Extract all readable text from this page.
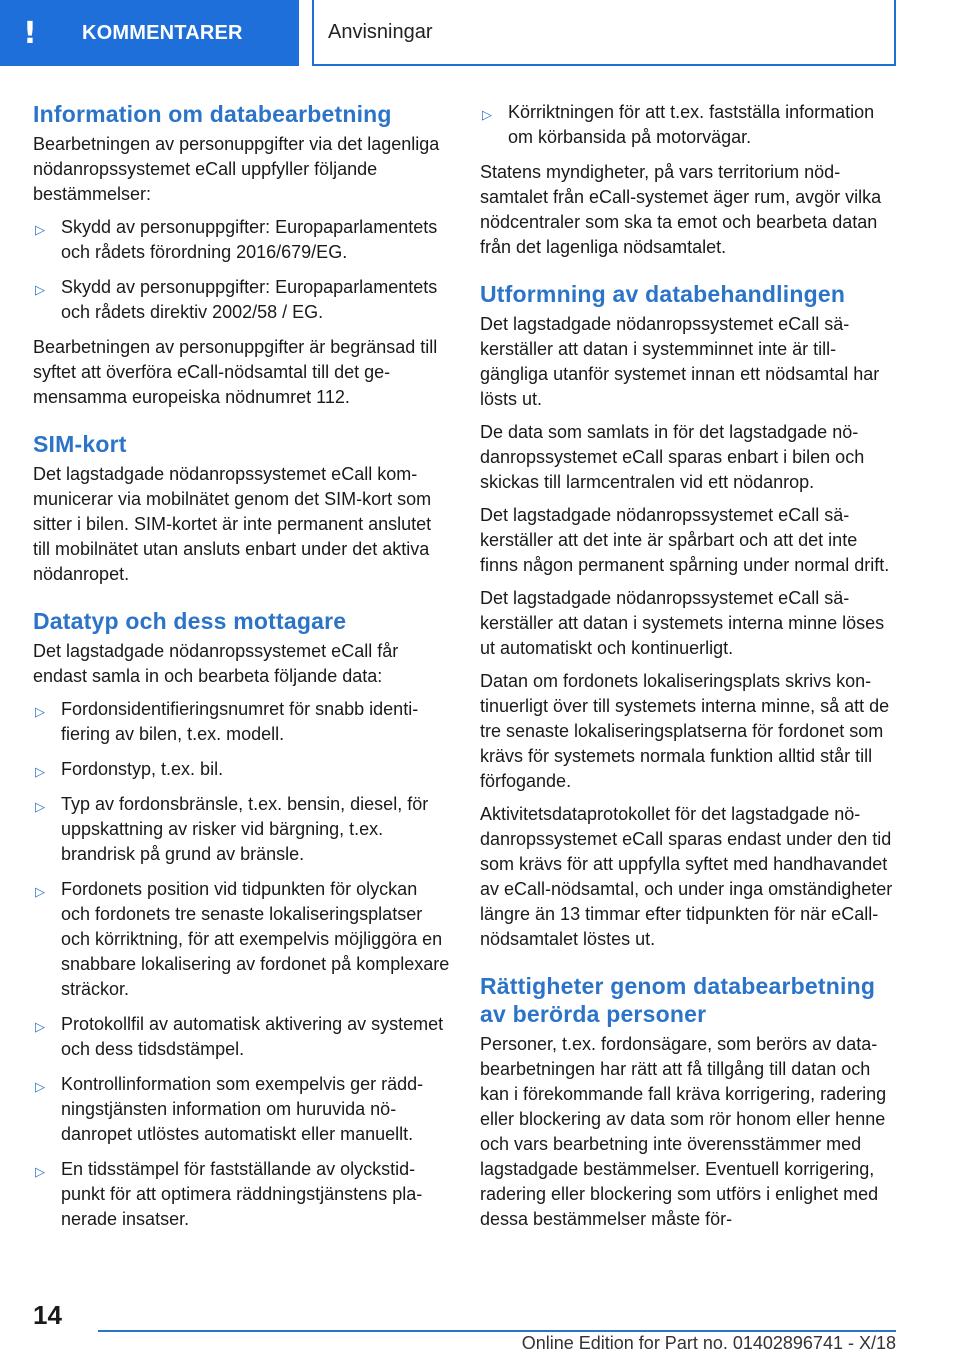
!	KOMMENTARER	Anvisningar
Information om databearbetning

Bearbetningen av personuppgifter via det lagenliga nödanropssystemet eCall uppfyller följande bestämmelser:

▷ Skydd av personuppgifter: Europaparlamentets och rådets förordning 2016/679/EG.
▷ Skydd av personuppgifter: Europaparlamentets och rådets direktiv 2002/58 / EG.

Bearbetningen av personuppgifter är begränsad till syftet att överföra eCall-nödsamtal till det gemensamma europeiska nödnumret 112.

SIM-kort

Det lagstadgade nödanropssystemet eCall kommunicerar via mobilnätet genom det SIM-kort som sitter i bilen. SIM-kortet är inte permanent anslutet till mobilnätet utan ansluts enbart under det aktiva nödanropet.

Datatyp och dess mottagare

Det lagstadgade nödanropssystemet eCall får endast samla in och bearbeta följande data:

▷ Fordonsidentifieringsnumret för snabb identifiering av bilen, t.ex. modell.
▷ Fordonstyp, t.ex. bil.
▷ Typ av fordonsbränsle, t.ex. bensin, diesel, för uppskattning av risker vid bärgning, t.ex. brandrisk på grund av bränsle.
▷ Fordonets position vid tidpunkten för olyckan och fordonets tre senaste lokaliseringsplatser och körriktning, för att exempelvis möjliggöra en snabbare lokalisering av fordonet på komplexare sträckor.
▷ Protokollfil av automatisk aktivering av systemet och dess tidsdstämpel.
▷ Kontrollinformation som exempelvis ger räddningstjänsten information om huruvida nödanropet utlöstes automatiskt eller manuellt.
▷ En tidsstämpel för fastställande av olyckstidpunkt för att optimera räddningstjänstens planerade insatser.
▷ Körriktningen för att t.ex. fastställa information om körbansida på motorvägar.

Statens myndigheter, på vars territorium nödsamtalet från eCall-systemet äger rum, avgör vilka nödcentraler som ska ta emot och bearbeta datan från det lagenliga nödsamtalet.

Utformning av databehandlingen

Det lagstadgade nödanropssystemet eCall säkerställer att datan i systemminnet inte är tillgängliga utanför systemet innan ett nödsamtal har lösts ut.

De data som samlats in för det lagstadgade nödanropssystemet eCall sparas enbart i bilen och skickas till larmcentralen vid ett nödanrop.

Det lagstadgade nödanropssystemet eCall säkerställer att det inte är spårbart och att det inte finns någon permanent spårning under normal drift.

Det lagstadgade nödanropssystemet eCall säkerställer att datan i systemets interna minne löses ut automatiskt och kontinuerligt.

Datan om fordonets lokaliseringsplats skrivs kontinuerligt över till systemets interna minne, så att de tre senaste lokaliseringsplatserna för fordonet som krävs för systemets normala funktion alltid står till förfogande.

Aktivitetsdataprotokollet för det lagstadgade nödanropssystemet eCall sparas endast under den tid som krävs för att uppfylla syftet med handhavandet av eCall-nödsamtal, och under inga omständigheter längre än 13 timmar efter tidpunkten för när eCall-nödsamtalet löstes ut.

Rättigheter genom databearbetning av berörda personer

Personer, t.ex. fordonsägare, som berörs av databearbetningen har rätt att få tillgång till datan och kan i förekommande fall kräva korrigering, radering eller blockering av data som rör honom eller henne och vars bearbetning inte överensstämmer med lagstadgade bestämmelser. Eventuell korrigering, radering eller blockering som utförs i enlighet med dessa bestämmelser måste för-

14
Online Edition for Part no. 01402896741 - X/18
